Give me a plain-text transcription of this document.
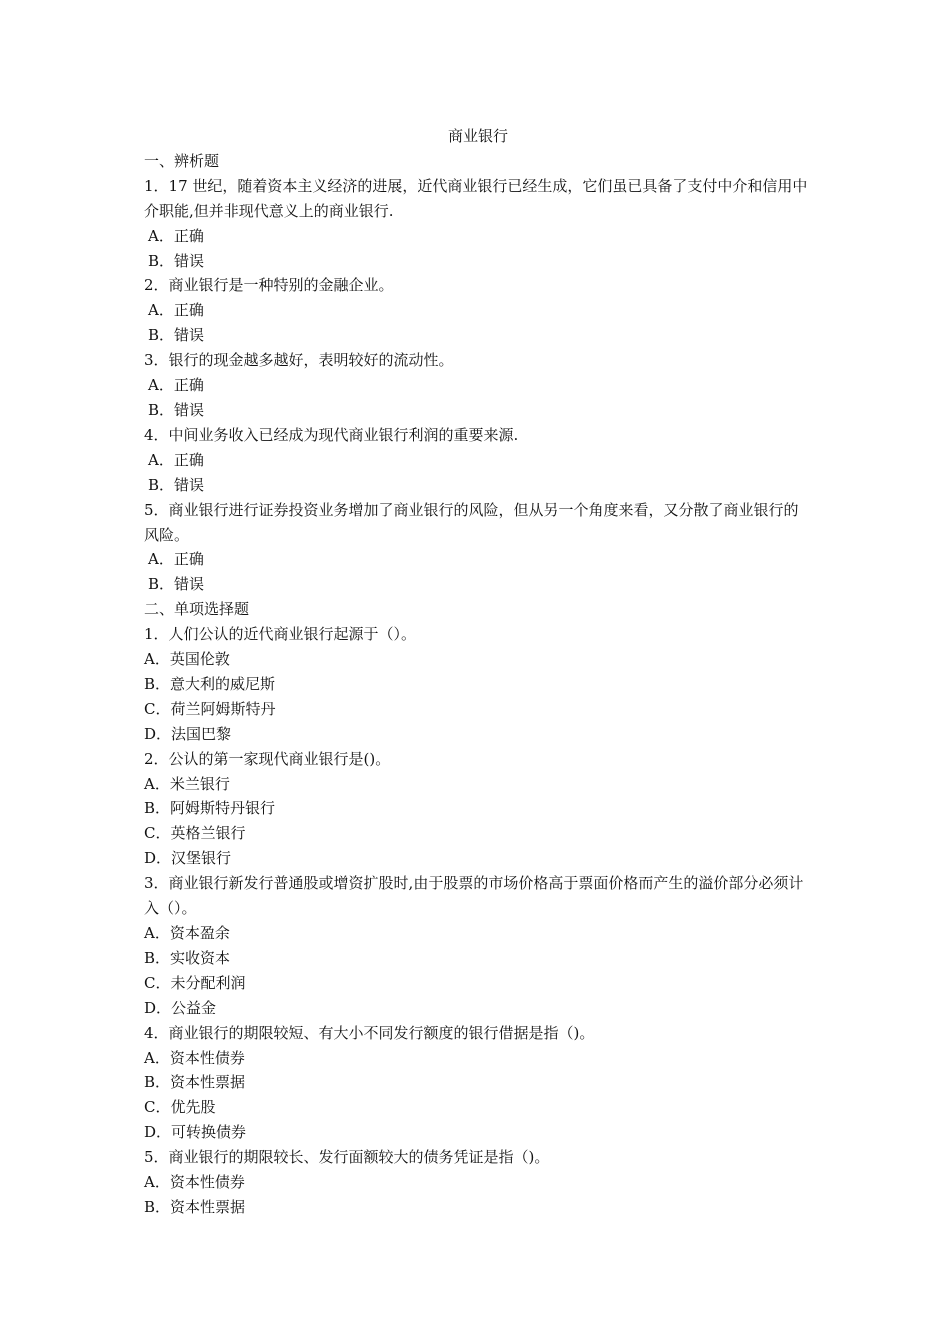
商业银行
一、辨析题
1．17 世纪，随着资本主义经济的进展，近代商业银行已经生成，它们虽已具备了支付中介和信用中介职能,但并非现代意义上的商业银行.
A．正确
B．错误
2．商业银行是一种特别的金融企业。
A．正确
B．错误
3．银行的现金越多越好，表明较好的流动性。
A．正确
B．错误
4．中间业务收入已经成为现代商业银行利润的重要来源.
A．正确
B．错误
5．商业银行进行证券投资业务增加了商业银行的风险，但从另一个角度来看，又分散了商业银行的风险。
A．正确
B．错误
二、单项选择题
1．人们公认的近代商业银行起源于（）。
A．英国伦敦
B．意大利的威尼斯
C．荷兰阿姆斯特丹
D．法国巴黎
2．公认的第一家现代商业银行是()。
A．米兰银行
B．阿姆斯特丹银行
C．英格兰银行
D．汉堡银行
3．商业银行新发行普通股或增资扩股时,由于股票的市场价格高于票面价格而产生的溢价部分必须计入（）。
A．资本盈余
B．实收资本
C．未分配利润
D．公益金
4．商业银行的期限较短、有大小不同发行额度的银行借据是指（)。
A．资本性债券
B．资本性票据
C．优先股
D．可转换债券
5．商业银行的期限较长、发行面额较大的债务凭证是指（)。
A．资本性债券
B．资本性票据
